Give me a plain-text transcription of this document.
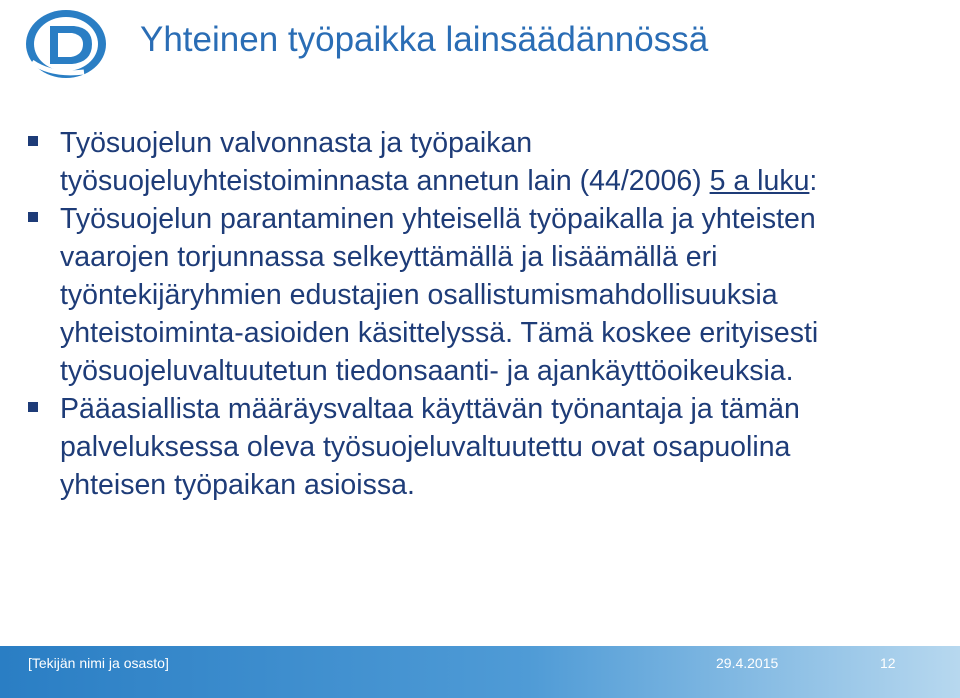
Yhteinen työpaikka lainsäädännössä

Työsuojelun valvonnasta ja työpaikan
työsuojeluyhteistoiminnasta annetun lain (44/2006) 5 a luku:

Työsuojelun parantaminen yhteisellä työpaikalla ja yhteisten
vaarojen torjunnassa selkeyttämällä ja lisäämällä eri
työntekijäryhmien edustajien osallistumismahdollisuuksia
yhteistoiminta-asioiden käsittelyssä. Tämä koskee erityisesti
työsuojeluvaltuutetun tiedonsaanti- ja ajankäyttöoikeuksia.

Pääasiallista määräysvaltaa käyttävän työnantaja ja tämän
palveluksessa oleva työsuojeluvaltuutettu ovat osapuolina
yhteisen työpaikan asioissa.

[Tekijän nimi ja osasto]	29.4.2015	12
